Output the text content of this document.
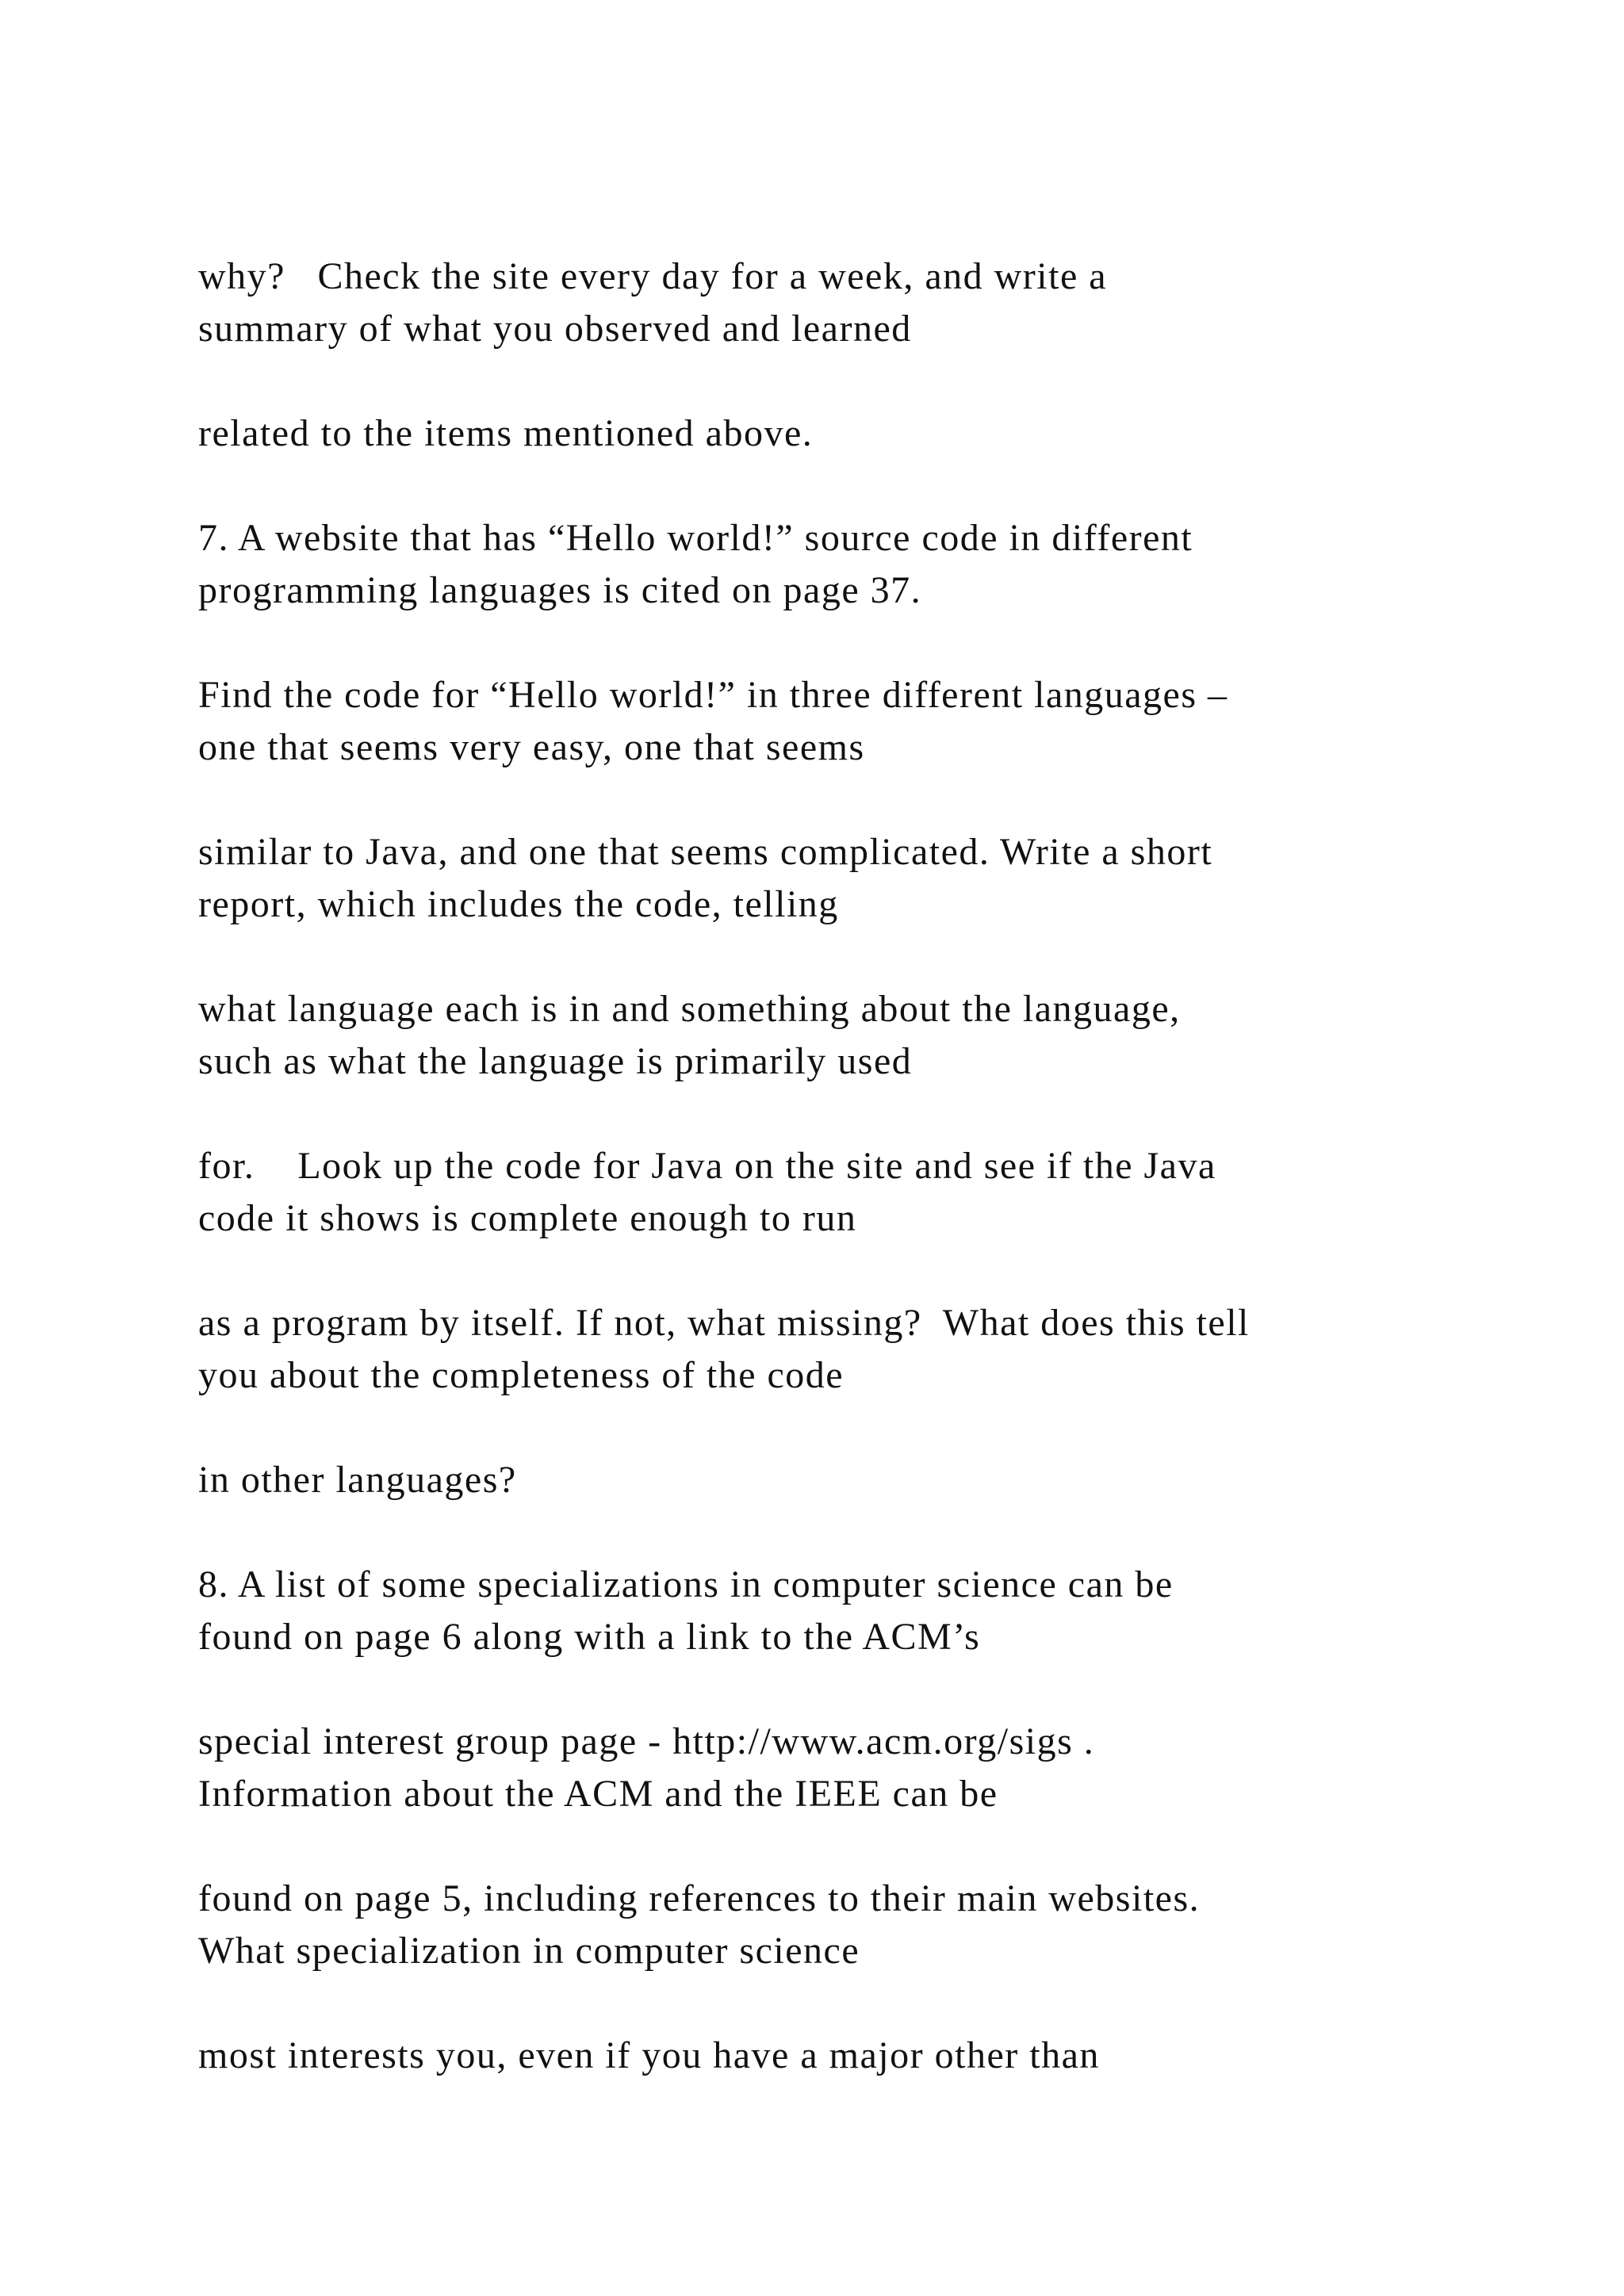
why?   Check the site every day for a week, and write a
summary of what you observed and learned

related to the items mentioned above.

7. A website that has “Hello world!” source code in different
programming languages is cited on page 37.

Find the code for “Hello world!” in three different languages –
one that seems very easy, one that seems

similar to Java, and one that seems complicated. Write a short
report, which includes the code, telling

what language each is in and something about the language,
such as what the language is primarily used

for.    Look up the code for Java on the site and see if the Java
code it shows is complete enough to run

as a program by itself. If not, what missing?  What does this tell
you about the completeness of the code

in other languages?

8. A list of some specializations in computer science can be
found on page 6 along with a link to the ACM’s

special interest group page - http://www.acm.org/sigs .
Information about the ACM and the IEEE can be

found on page 5, including references to their main websites.
What specialization in computer science

most interests you, even if you have a major other than
